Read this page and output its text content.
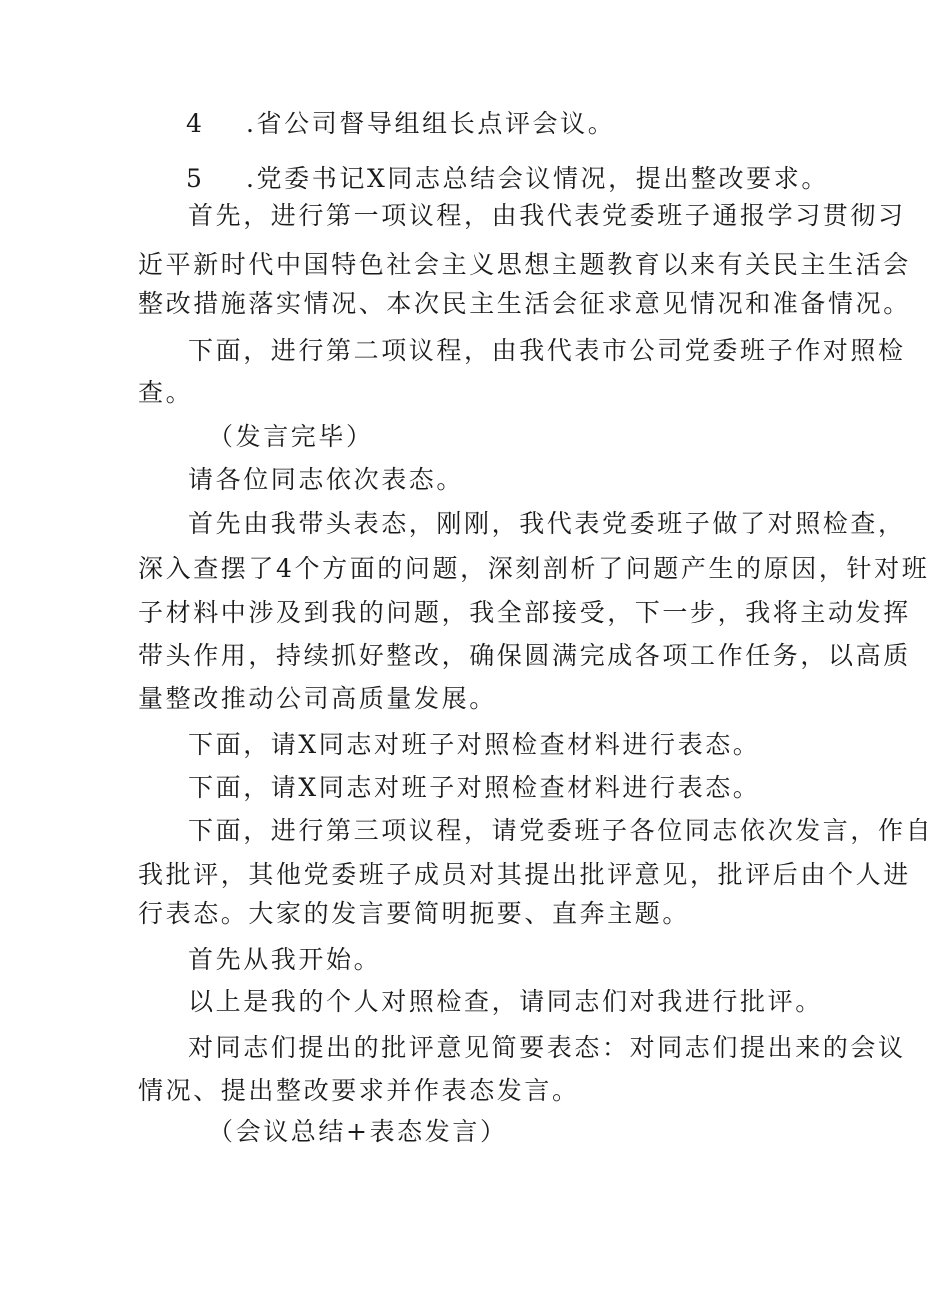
4 .省公司督导组组长点评会议。
5 .党委书记X同志总结会议情况，提出整改要求。
首先，进行第一项议程，由我代表党委班子通报学习贯彻习
近平新时代中国特色社会主义思想主题教育以来有关民主生活会
整改措施落实情况、本次民主生活会征求意见情况和准备情况。
下面，进行第二项议程，由我代表市公司党委班子作对照检
查。
（发言完毕）
请各位同志依次表态。
首先由我带头表态，刚刚，我代表党委班子做了对照检查，
深入查摆了4个方面的问题，深刻剖析了问题产生的原因，针对班
子材料中涉及到我的问题，我全部接受，下一步，我将主动发挥
带头作用，持续抓好整改，确保圆满完成各项工作任务，以高质
量整改推动公司高质量发展。
下面，请X同志对班子对照检查材料进行表态。
下面，请X同志对班子对照检查材料进行表态。
下面，进行第三项议程，请党委班子各位同志依次发言，作自
我批评，其他党委班子成员对其提出批评意见，批评后由个人进
行表态。大家的发言要简明扼要、直奔主题。
首先从我开始。
以上是我的个人对照检查，请同志们对我进行批评。
对同志们提出的批评意见简要表态：对同志们提出来的会议
情况、提出整改要求并作表态发言。
（会议总结+表态发言）
